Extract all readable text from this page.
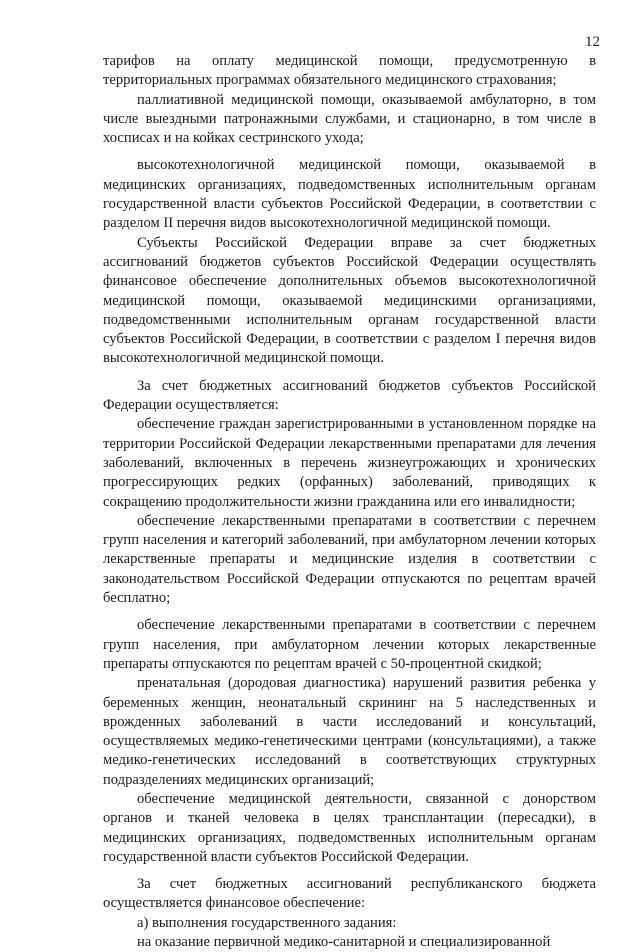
12

тарифов на оплату медицинской помощи, предусмотренную в территориальных программах обязательного медицинского страхования;

паллиативной медицинской помощи, оказываемой амбулаторно, в том числе выездными патронажными службами, и стационарно, в том числе в хосписах и на койках сестринского ухода;

высокотехнологичной медицинской помощи, оказываемой в медицинских организациях, подведомственных исполнительным органам государственной власти субъектов Российской Федерации, в соответствии с разделом II перечня видов высокотехнологичной медицинской помощи.

Субъекты Российской Федерации вправе за счет бюджетных ассигнований бюджетов субъектов Российской Федерации осуществлять финансовое обеспечение дополнительных объемов высокотехнологичной медицинской помощи, оказываемой медицинскими организациями, подведомственными исполнительным органам государственной власти субъектов Российской Федерации, в соответствии с разделом I перечня видов высокотехнологичной медицинской помощи.

За счет бюджетных ассигнований бюджетов субъектов Российской Федерации осуществляется:

обеспечение граждан зарегистрированными в установленном порядке на территории Российской Федерации лекарственными препаратами для лечения заболеваний, включенных в перечень жизнеугрожающих и хронических прогрессирующих редких (орфанных) заболеваний, приводящих к сокращению продолжительности жизни гражданина или его инвалидности;

обеспечение лекарственными препаратами в соответствии с перечнем групп населения и категорий заболеваний, при амбулаторном лечении которых лекарственные препараты и медицинские изделия в соответствии с законодательством Российской Федерации отпускаются по рецептам врачей бесплатно;

обеспечение лекарственными препаратами в соответствии с перечнем групп населения, при амбулаторном лечении которых лекарственные препараты отпускаются по рецептам врачей с 50-процентной скидкой;

пренатальная (дородовая диагностика) нарушений развития ребенка у беременных женщин, неонатальный скрининг на 5 наследственных и врожденных заболеваний в части исследований и консультаций, осуществляемых медико-генетическими центрами (консультациями), а также медико-генетических исследований в соответствующих структурных подразделениях медицинских организаций;

обеспечение медицинской деятельности, связанной с донорством органов и тканей человека в целях трансплантации (пересадки), в медицинских организациях, подведомственных исполнительным органам государственной власти субъектов Российской Федерации.

За счет бюджетных ассигнований республиканского бюджета осуществляется финансовое обеспечение:

а) выполнения государственного задания:

на оказание первичной медико-санитарной и специализированной
